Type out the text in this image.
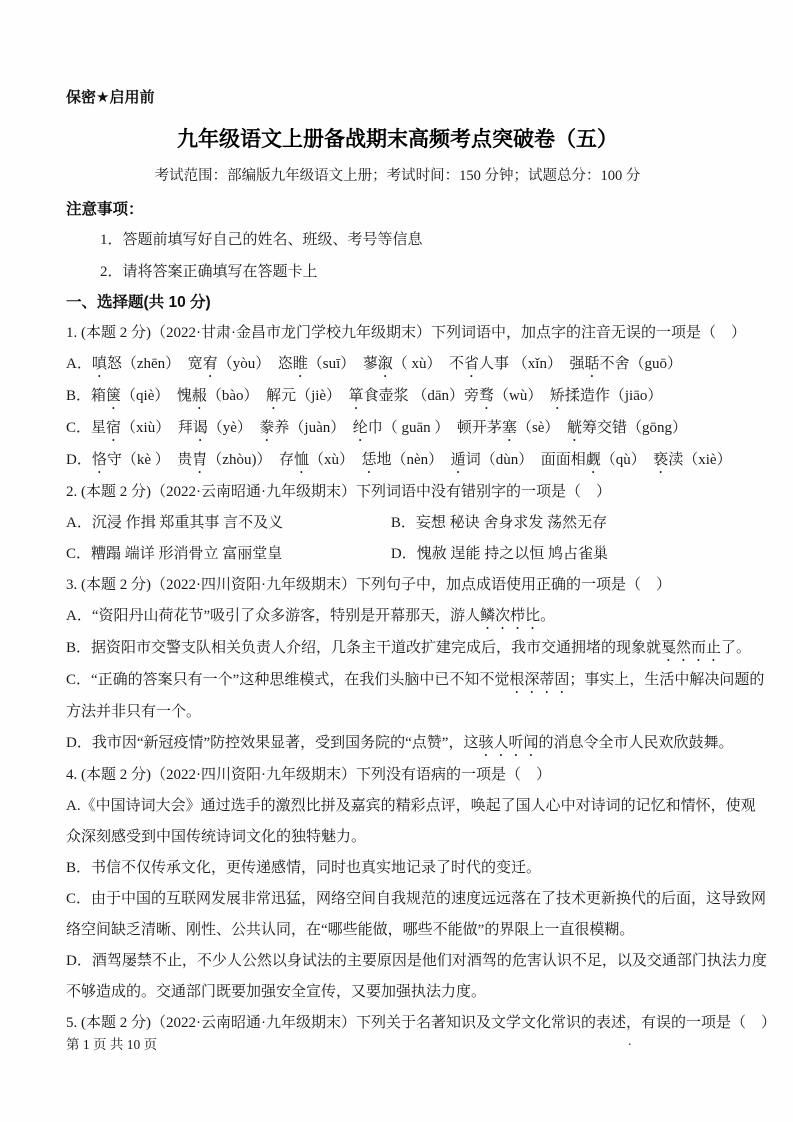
保密★启用前
九年级语文上册备战期末高频考点突破卷（五）
考试范围：部编版九年级语文上册；考试时间：150 分钟；试题总分：100 分
注意事项：
1．答题前填写好自己的姓名、班级、考号等信息
2．请将答案正确填写在答题卡上
一、选择题(共 10 分)
1. (本题 2 分)（2022·甘肃·金昌市龙门学校九年级期末）下列词语中，加点字的注音无误的一项是（　）
A．嗔怒（zhēn）　宽宥（yòu）　恣睢（suī）　蓼溆（ xù）　不省人事 （xǐn）　强聒不舍（guō）
B．箱箧（qiè）　愧赧（bào）　解元（jiè）　箪食壶浆 （dān）旁骛（wù）　矫揉造作（jiāo）
C．星宿（xiù）　拜谒（yè）　豢养（juàn）　纶巾（ guān ）　顿开茅塞（sè）　觥筹交错（gōng）
D．恪守（kè ）　贵胄（zhòu)）　存恤（xù）　恁地（nèn）　遁词（dùn）　面面相觑（qù）　亵渎（xiè）
2. (本题 2 分)（2022·云南昭通·九年级期末）下列词语中没有错别字的一项是（　）
A．沉浸 作揖 郑重其事 言不及义	B．妄想 秘诀 舍身求发 荡然无存
C．糟蹋 端详 形消骨立 富丽堂皇	D．愧赦 逞能 持之以恒 鸠占雀巢
3. (本题 2 分)（2022·四川资阳·九年级期末）下列句子中，加点成语使用正确的一项是（　）
A．“资阳丹山荷花节”吸引了众多游客，特别是开幕那天，游人鳞次栉比。
B．据资阳市交警支队相关负责人介绍，几条主干道改扩建完成后，我市交通拥堵的现象就戛然而止了。
C．“正确的答案只有一个”这种思维模式，在我们头脑中已不知不觉根深蒂固；事实上，生活中解决问题的
方法并非只有一个。
D．我市因“新冠疫情”防控效果显著，受到国务院的“点赞”，这骇人听闻的消息令全市人民欢欣鼓舞。
4. (本题 2 分)（2022·四川资阳·九年级期末）下列没有语病的一项是（　）
A.《中国诗词大会》通过选手的激烈比拼及嘉宾的精彩点评，唤起了国人心中对诗词的记忆和情怀，使观
众深刻感受到中国传统诗词文化的独特魅力。
B．书信不仅传承文化，更传递感情，同时也真实地记录了时代的变迁。
C．由于中国的互联网发展非常迅猛，网络空间自我规范的速度远远落在了技术更新换代的后面，这导致网
络空间缺乏清晰、刚性、公共认同，在“哪些能做，哪些不能做”的界限上一直很模糊。
D．酒驾屡禁不止，不少人公然以身试法的主要原因是他们对酒驾的危害认识不足，以及交通部门执法力度
不够造成的。交通部门既要加强安全宣传，又要加强执法力度。
5. (本题 2 分)（2022·云南昭通·九年级期末）下列关于名著知识及文学文化常识的表述，有误的一项是（　）
第 1 页 共 10 页	.
